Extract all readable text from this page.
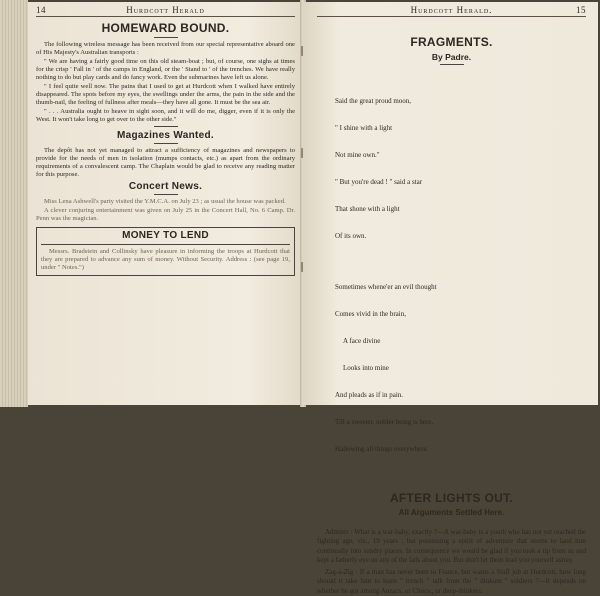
14	Hurdcott Herald
HOMEWARD BOUND.

The following wireless message has been received from our special representative aboard one of His Majesty's Australian transports :

" We are having a fairly good time on this old steam-boat ; but, of course, one sighs at times for the crisp ' Fall in ' of the camps in England, or the ' Stand to ' of the trenches. We have really nothing to do but play cards and do fancy work. Even the submarines have left us alone.

" I feel quite well now. The pains that I used to get at Hurdcott when I walked have entirely disappeared. The spots before my eyes, the swellings under the arms, the pain in the side and the thumb-nail, the feeling of fullness after meals—they have all gone. It must be the sea air.

" . . . Australia ought to heave in sight soon, and it will do me, digger, even if it is only the West. It won't take long to get over to the other side."

Magazines Wanted.

The depôt has not yet managed to attract a sufficiency of magazines and newspapers to provide for the needs of men in isolation (mumps contacts, etc.) as apart from the ordinary requirements of a convalescent camp. The Chaplain would be glad to receive any reading matter for this purpose.

Concert News.

Miss Lena Ashwell's party visited the Y.M.C.A. on July 23 ; as usual the house was packed.

A clever conjuring entertainment was given on July 25 in the Concert Hall, No. 6 Camp. Dr. Penn was the magician.

MONEY TO LEND

Messrs. Bradstein and Collinsky have pleasure in informing the troops at Hurdcott that they are prepared to advance any sum of money. Without Security. Address : (see page 19, under " Notes.")

Hurdcott Herald.	15
FRAGMENTS.
By Padre.

Said the great proud moon,

" I shine with a light

Not mine own."

" But you're dead ! " said a star

That shone with a light

Of its own.

Sometimes whene'er an evil thought

Comes vivid in the brain,

A face divine

Looks into mine

And pleads as if in pain.

Till a sweeter, nobler being is here,

Hallowing all things everywhere.

AFTER LIGHTS OUT.
All Arguments Settled Here.

Admirer : What is a war-baby, exactly ?—A war-baby is a youth who has not yet reached the fighting age, viz., 19 years ; but possessing a spirit of adventure that seems to land him continually into sundry places. In consequence we would be glad if you took a tip from us and kept a fatherly eye on any of the lads about you. But don't let them lead you yourself astray.

Zag-a-Zig : If a man has never been to France, but wants a Staff job at Hurdcott, how long should it take him to learn " trench " talk from the " dinkum " soldiers ?—It depends on whether he got among Anzacs, or Chocs., or deep-thinkers.
